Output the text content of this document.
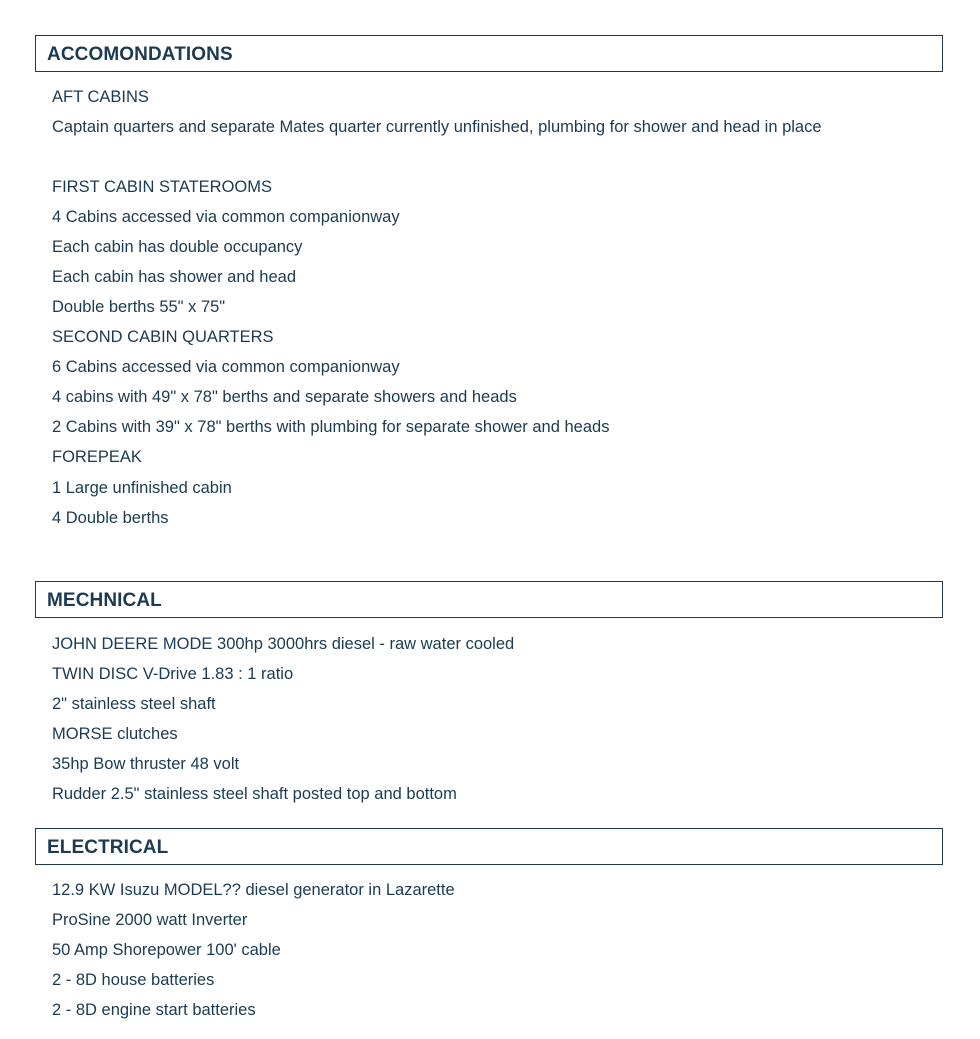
ACCOMONDATIONS
AFT CABINS
Captain quarters and separate Mates quarter currently unfinished, plumbing for shower and head in place
FIRST CABIN STATEROOMS
4 Cabins accessed via common companionway
Each cabin has double occupancy
Each cabin has shower and head
Double berths 55" x 75"
SECOND CABIN QUARTERS
6 Cabins accessed via common companionway
4 cabins with 49" x 78" berths and separate showers and heads
2 Cabins with 39" x 78" berths with plumbing for separate shower and heads
FOREPEAK
1 Large unfinished cabin
4 Double berths
MECHNICAL
JOHN DEERE MODE 300hp 3000hrs diesel - raw water cooled
TWIN DISC V-Drive 1.83 : 1 ratio
2" stainless steel shaft
MORSE clutches
35hp Bow thruster 48 volt
Rudder 2.5" stainless steel shaft posted top and bottom
ELECTRICAL
12.9 KW Isuzu MODEL?? diesel generator in Lazarette
ProSine 2000 watt Inverter
50 Amp Shorepower 100' cable
2 - 8D house batteries
2 - 8D engine start batteries
